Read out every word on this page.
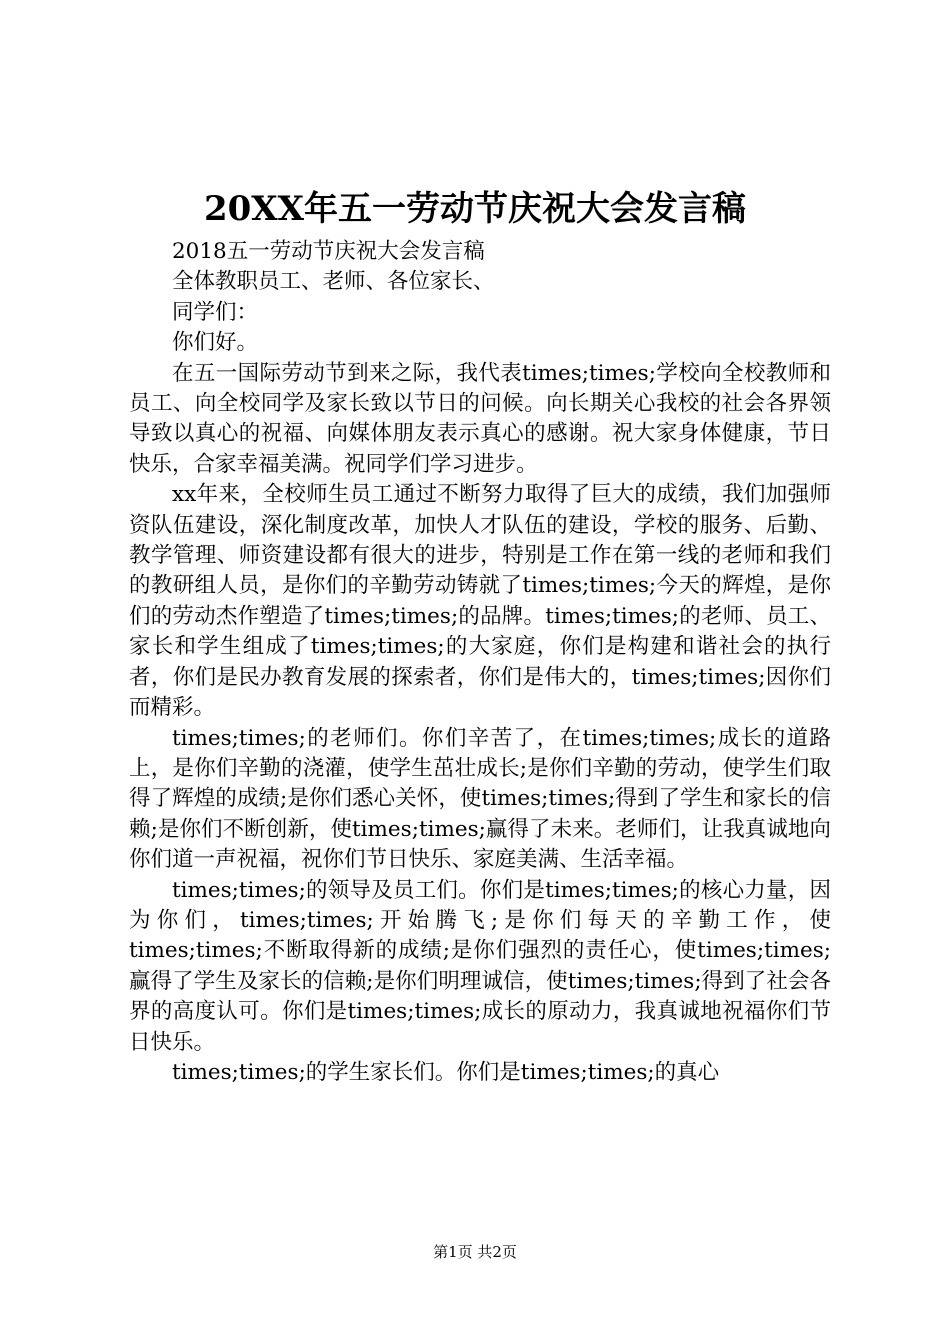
20XX年五一劳动节庆祝大会发言稿

2018五一劳动节庆祝大会发言稿

全体教职员工、老师、各位家长、

同学们：

你们好。

在五一国际劳动节到来之际，我代表times;times;学校向全校教师和员工、向全校同学及家长致以节日的问候。向长期关心我校的社会各界领导致以真心的祝福、向媒体朋友表示真心的感谢。祝大家身体健康，节日快乐，合家幸福美满。祝同学们学习进步。

xx年来，全校师生员工通过不断努力取得了巨大的成绩，我们加强师资队伍建设，深化制度改革，加快人才队伍的建设，学校的服务、后勤、教学管理、师资建设都有很大的进步，特别是工作在第一线的老师和我们的教研组人员，是你们的辛勤劳动铸就了times;times;今天的辉煌，是你们的劳动杰作塑造了times;times;的品牌。times;times;的老师、员工、家长和学生组成了times;times;的大家庭，你们是构建和谐社会的执行者，你们是民办教育发展的探索者，你们是伟大的，times;times;因你们而精彩。

times;times;的老师们。你们辛苦了，在times;times;成长的道路上，是你们辛勤的浇灌，使学生茁壮成长;是你们辛勤的劳动，使学生们取得了辉煌的成绩;是你们悉心关怀，使times;times;得到了学生和家长的信赖;是你们不断创新，使times;times;赢得了未来。老师们，让我真诚地向你们道一声祝福，祝你们节日快乐、家庭美满、生活幸福。

times;times;的领导及员工们。你们是times;times;的核心力量，因为你们，times;times;开始腾飞;是你们每天的辛勤工作，使times;times;不断取得新的成绩;是你们强烈的责任心，使times;times;赢得了学生及家长的信赖;是你们明理诚信，使times;times;得到了社会各界的高度认可。你们是times;times;成长的原动力，我真诚地祝福你们节日快乐。

times;times;的学生家长们。你们是times;times;的真心

第1页 共2页
